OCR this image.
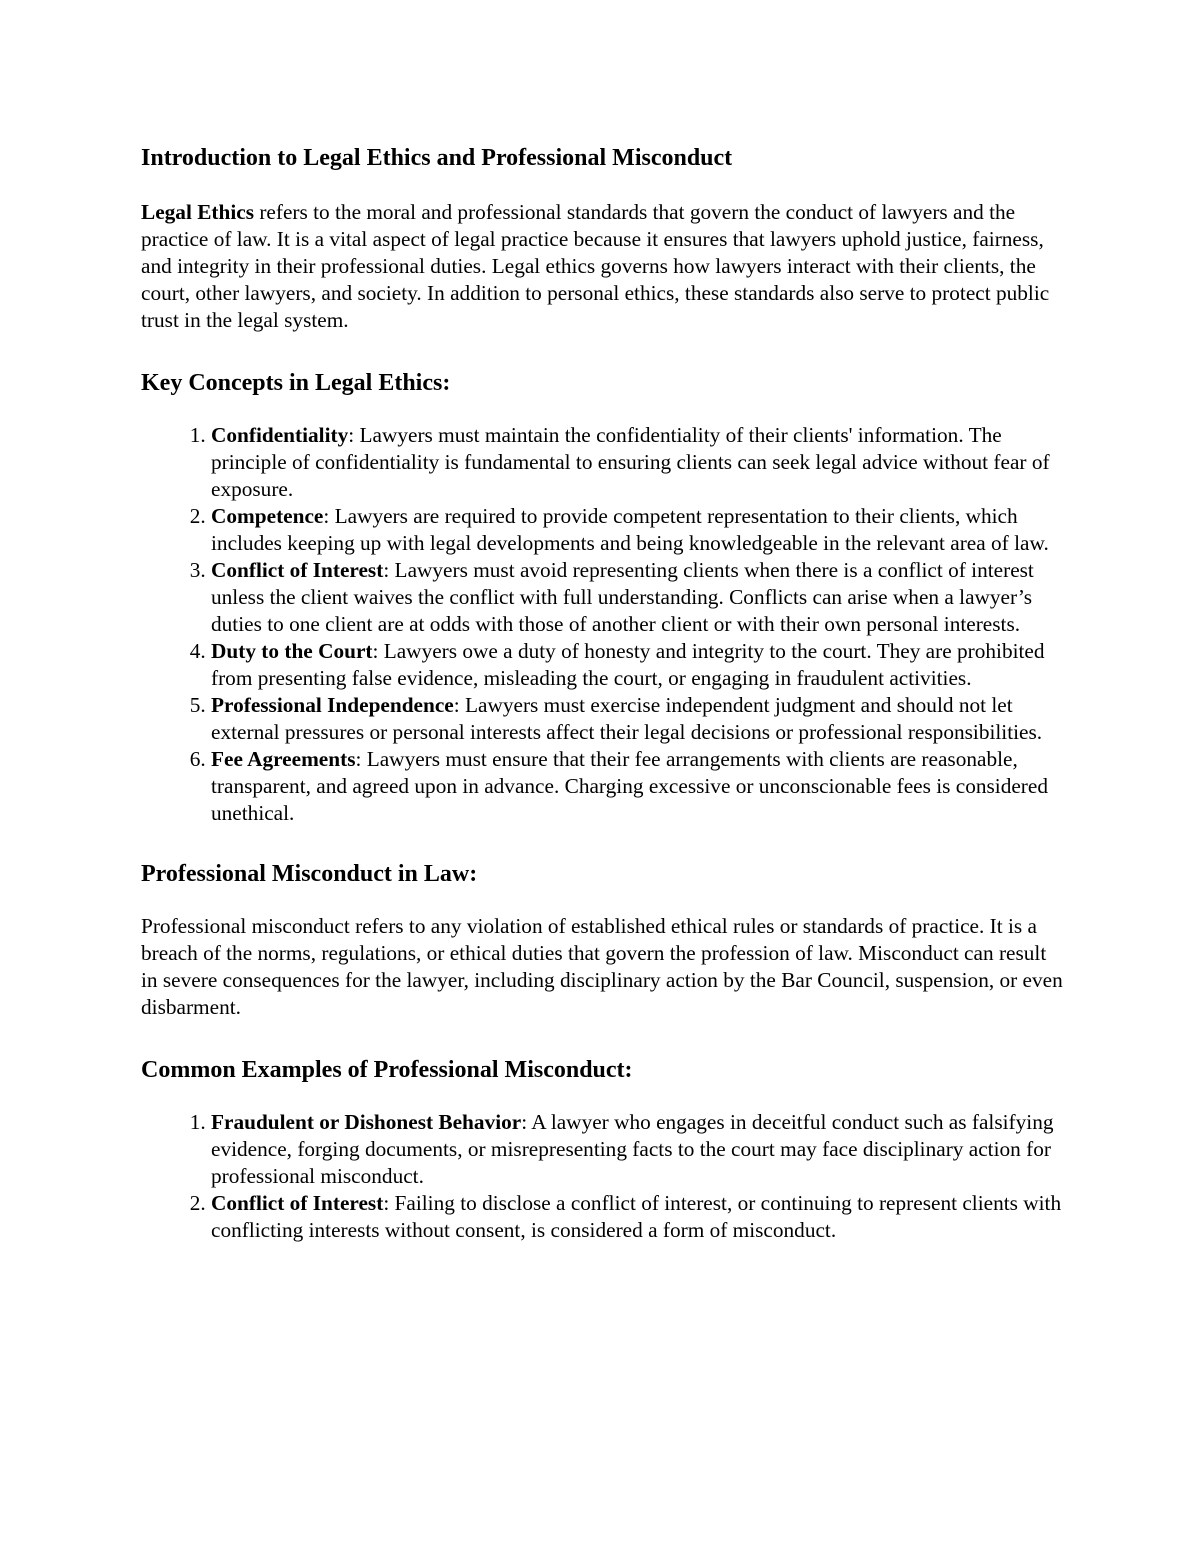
Introduction to Legal Ethics and Professional Misconduct

Legal Ethics refers to the moral and professional standards that govern the conduct of lawyers and the practice of law. It is a vital aspect of legal practice because it ensures that lawyers uphold justice, fairness, and integrity in their professional duties. Legal ethics governs how lawyers interact with their clients, the court, other lawyers, and society. In addition to personal ethics, these standards also serve to protect public trust in the legal system.

Key Concepts in Legal Ethics:
1. Confidentiality: Lawyers must maintain the confidentiality of their clients' information. The principle of confidentiality is fundamental to ensuring clients can seek legal advice without fear of exposure.
2. Competence: Lawyers are required to provide competent representation to their clients, which includes keeping up with legal developments and being knowledgeable in the relevant area of law.
3. Conflict of Interest: Lawyers must avoid representing clients when there is a conflict of interest unless the client waives the conflict with full understanding. Conflicts can arise when a lawyer’s duties to one client are at odds with those of another client or with their own personal interests.
4. Duty to the Court: Lawyers owe a duty of honesty and integrity to the court. They are prohibited from presenting false evidence, misleading the court, or engaging in fraudulent activities.
5. Professional Independence: Lawyers must exercise independent judgment and should not let external pressures or personal interests affect their legal decisions or professional responsibilities.
6. Fee Agreements: Lawyers must ensure that their fee arrangements with clients are reasonable, transparent, and agreed upon in advance. Charging excessive or unconscionable fees is considered unethical.
Professional Misconduct in Law:

Professional misconduct refers to any violation of established ethical rules or standards of practice. It is a breach of the norms, regulations, or ethical duties that govern the profession of law. Misconduct can result in severe consequences for the lawyer, including disciplinary action by the Bar Council, suspension, or even disbarment.

Common Examples of Professional Misconduct:
1. Fraudulent or Dishonest Behavior: A lawyer who engages in deceitful conduct such as falsifying evidence, forging documents, or misrepresenting facts to the court may face disciplinary action for professional misconduct.
2. Conflict of Interest: Failing to disclose a conflict of interest, or continuing to represent clients with conflicting interests without consent, is considered a form of misconduct.
